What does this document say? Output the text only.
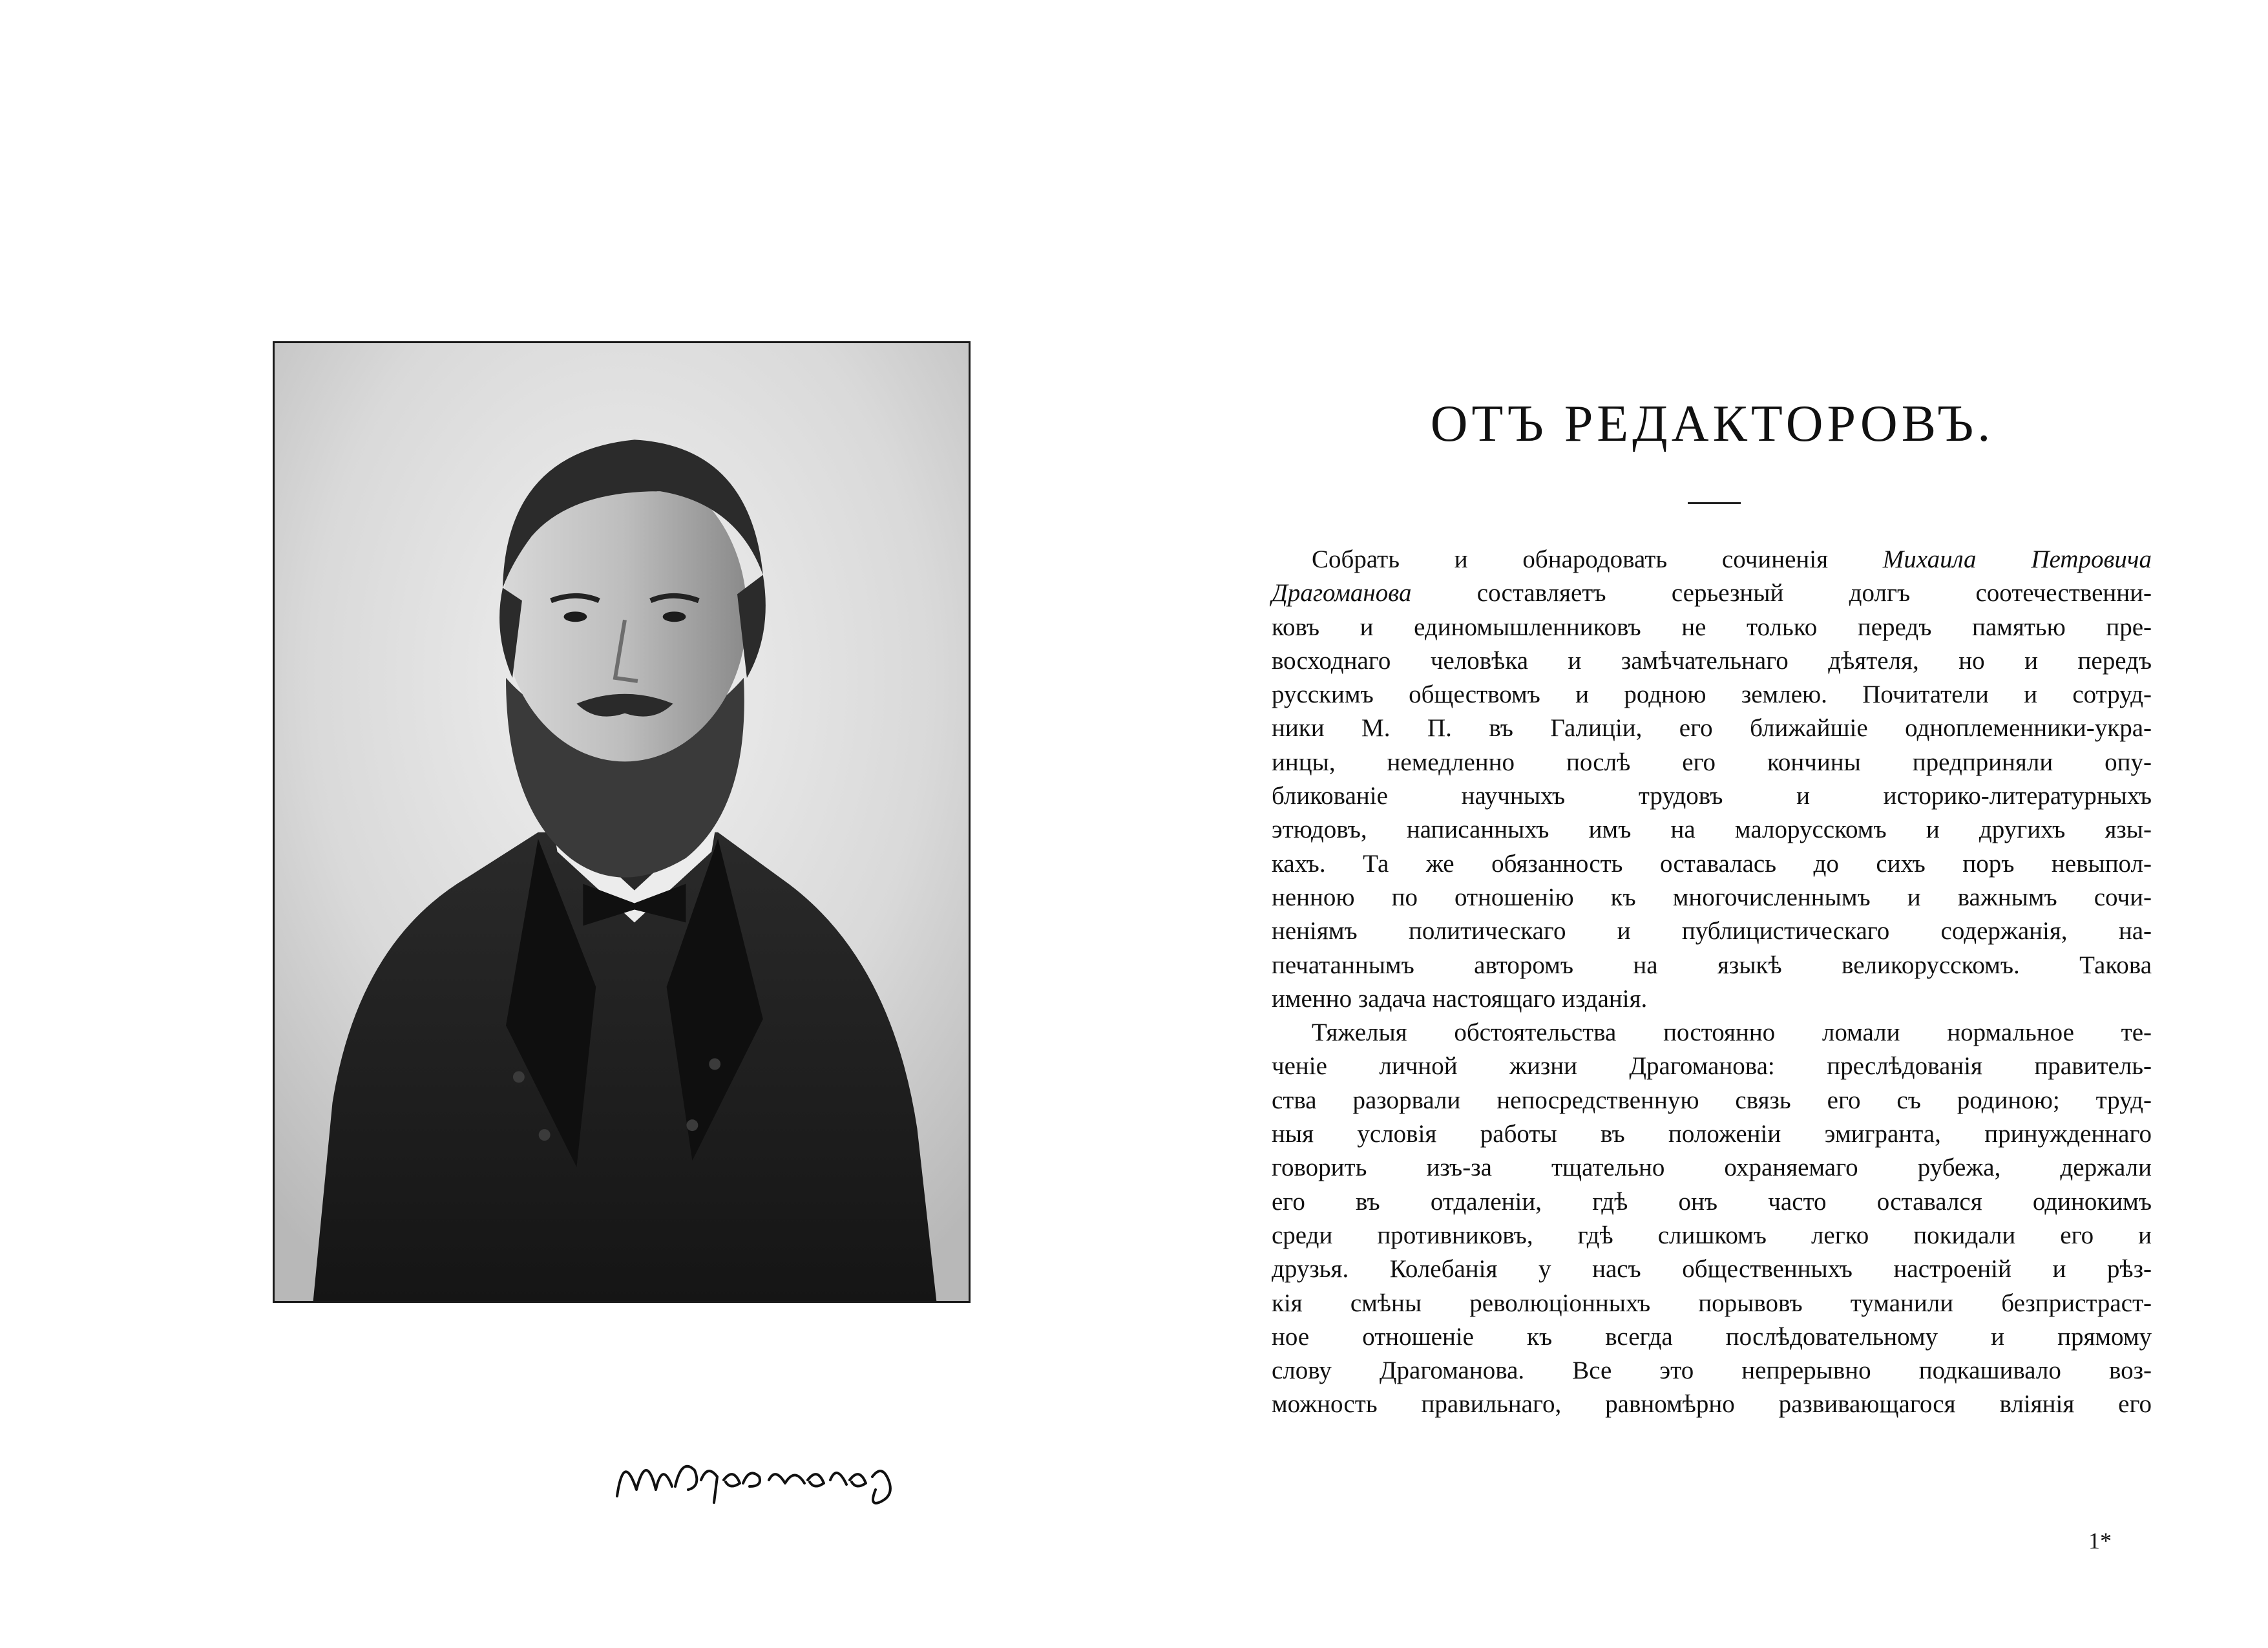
ОТЪ РЕДАКТОРОВЪ.
Собрать и обнародовать сочиненія Михаила Петровича
Драгоманова составляетъ серьезный долгъ соотечественни-
ковъ и единомышленниковъ не только передъ памятью пре-
восходнаго человѣка и замѣчательнаго дѣятеля, но и передъ
русскимъ обществомъ и родною землею. Почитатели и сотруд-
ники М. П. въ Галиціи, его ближайшіе одноплеменники-укра-
инцы, немедленно послѣ его кончины предприняли опу-
бликованіе научныхъ трудовъ и историко-литературныхъ
этюдовъ, написанныхъ имъ на малорусскомъ и другихъ язы-
кахъ. Та же обязанность оставалась до сихъ поръ невыпол-
ненною по отношенію къ многочисленнымъ и важнымъ сочи-
неніямъ политическаго и публицистическаго содержанія, на-
печатаннымъ авторомъ на языкѣ великорусскомъ. Такова
именно задача настоящаго изданія.
Тяжелыя обстоятельства постоянно ломали нормальное те-
ченіе личной жизни Драгоманова: преслѣдованія правитель-
ства разорвали непосредственную связь его съ родиною; труд-
ныя условія работы въ положеніи эмигранта, принужденнаго
говорить изъ-за тщательно охраняемаго рубежа, держали
его въ отдаленіи, гдѣ онъ часто оставался одинокимъ
среди противниковъ, гдѣ слишкомъ легко покидали его и
друзья. Колебанія у насъ общественныхъ настроеній и рѣз-
кія смѣны революціонныхъ порывовъ туманили безпристраст-
ное отношеніе къ всегда послѣдовательному и прямому
слову Драгоманова. Все это непрерывно подкашивало воз-
можность правильнаго, равномѣрно развивающагося вліянія его
1*
